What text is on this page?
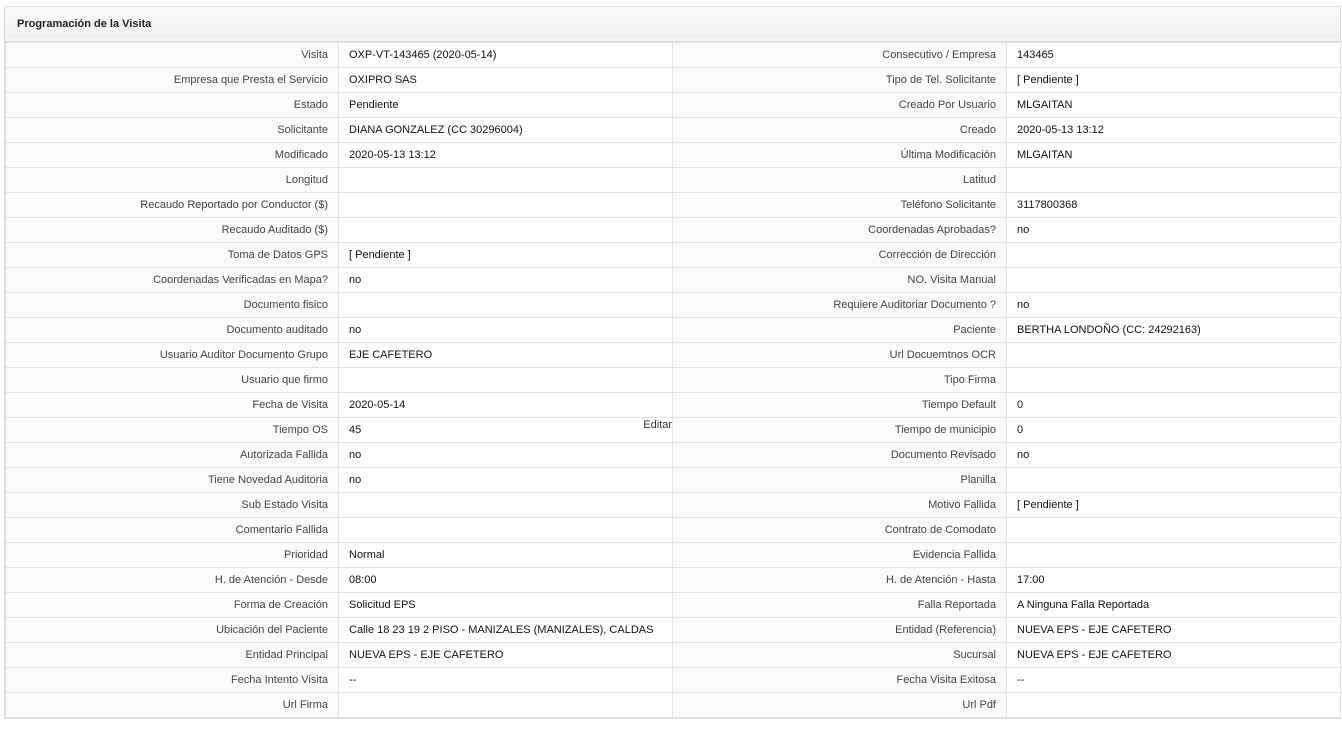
Programación de la Visita
Visita	OXP-VT-143465 (2020-05-14)	Consecutivo / Empresa	143465
Empresa que Presta el Servicio	OXIPRO SAS	Tipo de Tel. Solicitante	[ Pendiente ]
Estado	Pendiente	Creado Por Usuario	MLGAITAN
Solicitante	DIANA GONZALEZ (CC 30296004)	Creado	2020-05-13 13:12
Modificado	2020-05-13 13:12	Última Modificación	MLGAITAN
Longitud		Latitud	
Recaudo Reportado por Conductor ($)		Teléfono Solicitante	3117800368
Recaudo Auditado ($)		Coordenadas Aprobadas?	no
Toma de Datos GPS	[ Pendiente ]	Corrección de Dirección	
Coordenadas Verificadas en Mapa?	no	NO. Visita Manual	
Documento fisico		Requiere Auditoriar Documento ?	no
Documento auditado	no	Paciente	BERTHA LONDOÑO (CC: 24292163)
Usuario Auditor Documento Grupo	EJE CAFETERO	Url Docuemtnos OCR	
Usuario que firmo		Tipo Firma	
Fecha de Visita	2020-05-14	Tiempo Default	0
Tiempo OS	45 Editar	Tiempo de municipio	0
Autorizada Fallida	no	Documento Revisado	no
Tiene Novedad Auditoria	no	Planilla	
Sub Estado Visita		Motivo Fallida	[ Pendiente ]
Comentario Fallida		Contrato de Comodato	
Prioridad	Normal	Evidencia Fallida	
H. de Atención - Desde	08:00	H. de Atención - Hasta	17:00
Forma de Creación	Solicitud EPS	Falla Reportada	A Ninguna Falla Reportada
Ubicación del Paciente	Calle 18 23 19 2 PISO - MANIZALES (MANIZALES), CALDAS	Entidad (Referencia)	NUEVA EPS - EJE CAFETERO
Entidad Principal	NUEVA EPS - EJE CAFETERO	Sucursal	NUEVA EPS - EJE CAFETERO
Fecha Intento Visita	--	Fecha Visita Exitosa	--
Url Firma		Url Pdf	
